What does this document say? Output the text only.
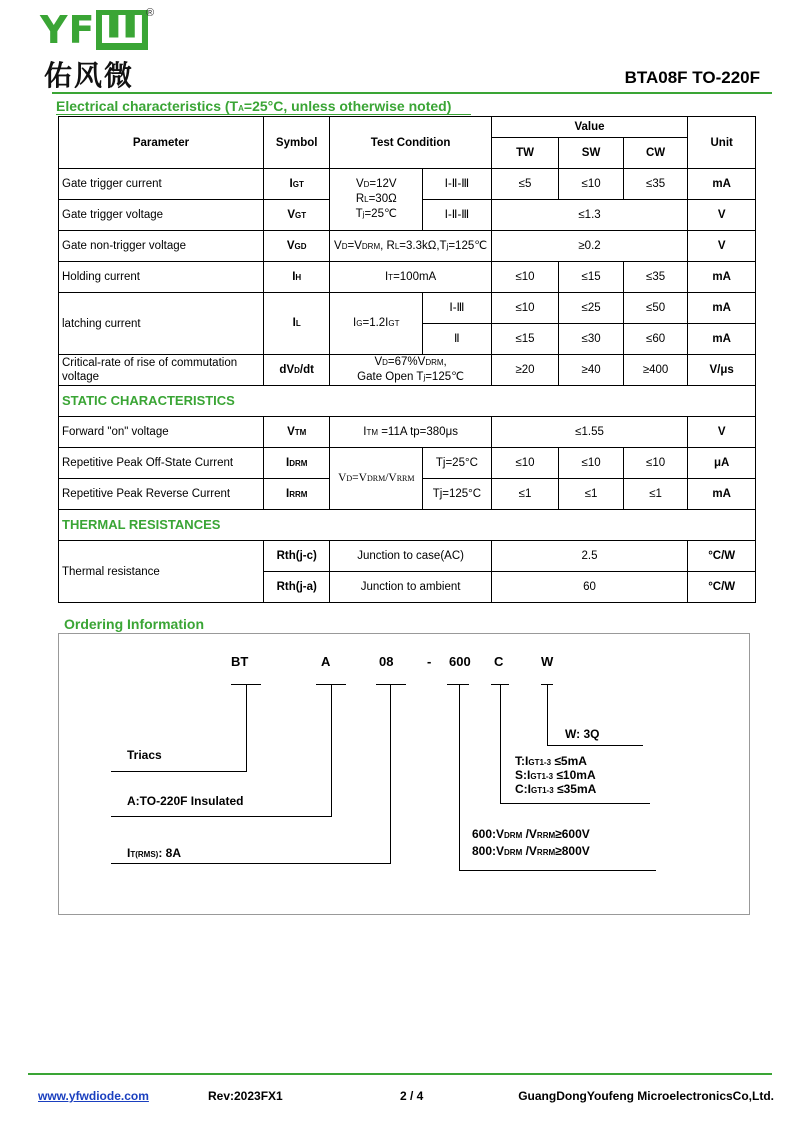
YFШ ®
佑风微	BTA08F TO-220F
Electrical characteristics (TA=25°C, unless otherwise noted)
Parameter	Symbol	Test Condition		Value			Unit
				TW	SW	CW	
Gate trigger current	IGT	VD=12V
RL=30Ω
Tj=25℃	Ⅰ-Ⅱ-Ⅲ	≤5	≤10	≤35	mA
Gate trigger voltage	VGT		Ⅰ-Ⅱ-Ⅲ	≤1.3			V
Gate non-trigger voltage	VGD	VD=VDRM, RL=3.3kΩ,Tj=125℃		≥0.2			V
Holding current	IH	IT=100mA		≤10	≤15	≤35	mA
latching current	IL	IG=1.2IGT	Ⅰ-Ⅲ	≤10	≤25	≤50	mA
			Ⅱ	≤15	≤30	≤60	mA
Critical-rate of rise of commutation voltage	dVD/dt	VD=67%VDRM,
Gate Open Tj=125℃		≥20	≥40	≥400	V/μs
STATIC CHARACTERISTICS							
Forward "on" voltage	VTM	ITM =11A tp=380μs		≤1.55			V
Repetitive Peak Off-State Current	IDRM	VD=VDRM/VRRM	Tj=25°C	≤10	≤10	≤10	μA
Repetitive Peak Reverse Current	IRRM		Tj=125°C	≤1	≤1	≤1	mA
THERMAL RESISTANCES							
Thermal resistance	Rth(j-c)	Junction to case(AC)		2.5			°C/W
	Rth(j-a)	Junction to ambient		60			°C/W
Ordering Information
BT	A	08	- 600 C	W
Triacs
A:TO-220F Insulated
IT(RMS): 8A
600:VDRM /VRRM≥600V
800:VDRM /VRRM≥800V
T:IGT1-3 ≤5mA
S:IGT1-3 ≤10mA
C:IGT1-3 ≤35mA
W: 3Q
www.yfwdiode.com	Rev:2023FX1	2 / 4	GuangDongYoufeng MicroelectronicsCo,Ltd.
